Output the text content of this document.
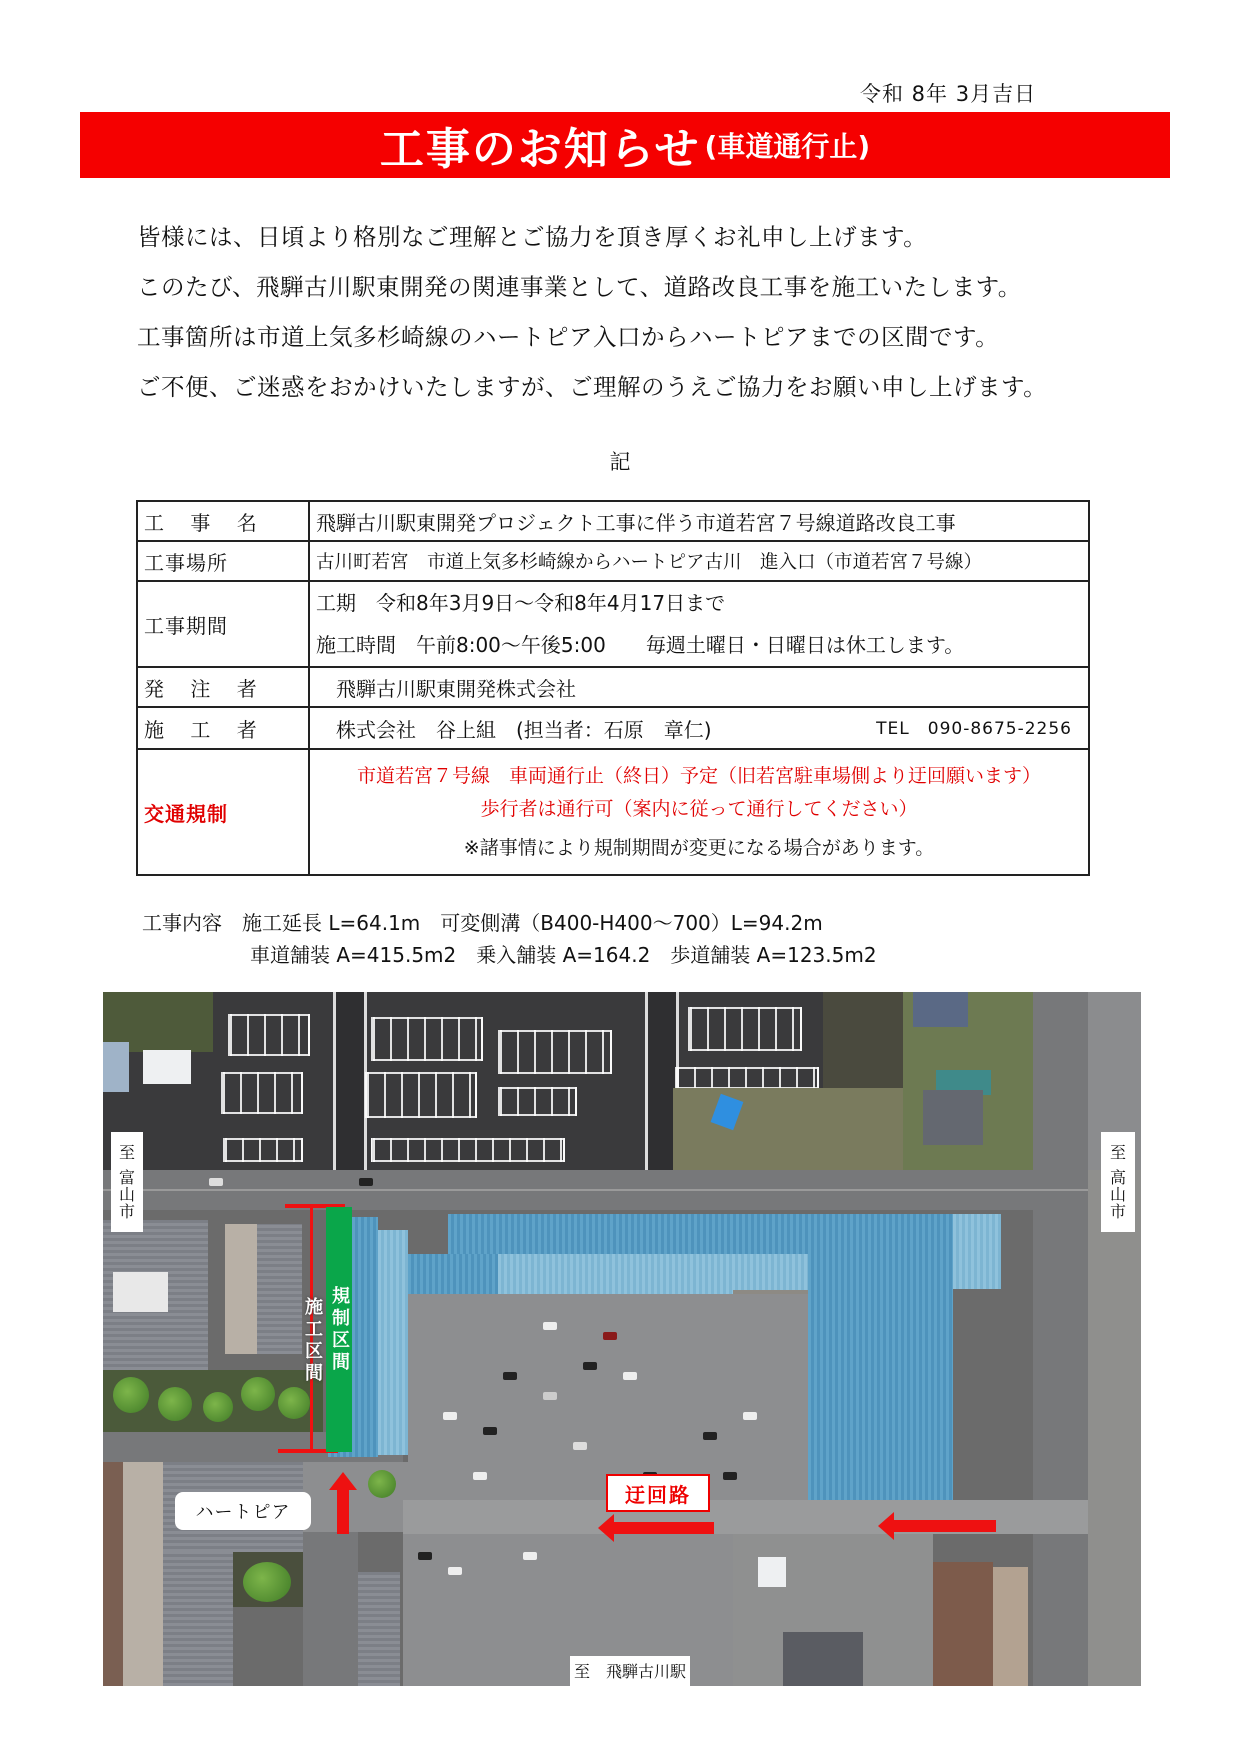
令和 8年 3月吉日
工事のお知らせ (車道通行止)

皆様には、日頃より格別なご理解とご協力を頂き厚くお礼申し上げます。

このたび、飛騨古川駅東開発の関連事業として、道路改良工事を施工いたします。

工事箇所は市道上気多杉崎線のハートピア入口からハートピアまでの区間です。

ご不便、ご迷惑をおかけいたしますが、ご理解のうえご協力をお願い申し上げます。

記
工 事 名	飛騨古川駅東開発プロジェクト工事に伴う市道若宮７号線道路改良工事
工事場所	古川町若宮　市道上気多杉崎線からハートピア古川　進入口（市道若宮７号線）
工事期間	工期　令和8年3月9日～令和8年4月17日まで
施工時間　午前8:00～午後5:00　　毎週土曜日・日曜日は休工します。

発 注 者	　飛騨古川駅東開発株式会社
施 工 者	　株式会社　谷上組　(担当者：石原　章仁) TEL　090-8675-2256

交通規制	市道若宮７号線　車両通行止（終日）予定（旧若宮駐車場側より迂回願います）
歩行者は通行可（案内に従って通行してください）
※諸事情により規制期間が変更になる場合があります。
工事内容　施工延長 L=64.1m　可変側溝（B400-H400～700）L=94.2m
車道舗装 A=415.5m2　乗入舗装 A=164.2　歩道舗装 A=123.5m2
至
富
山
市
至
高
山
市
至　飛騨古川駅
施工区間 規制区間
ハートピア
迂回路
